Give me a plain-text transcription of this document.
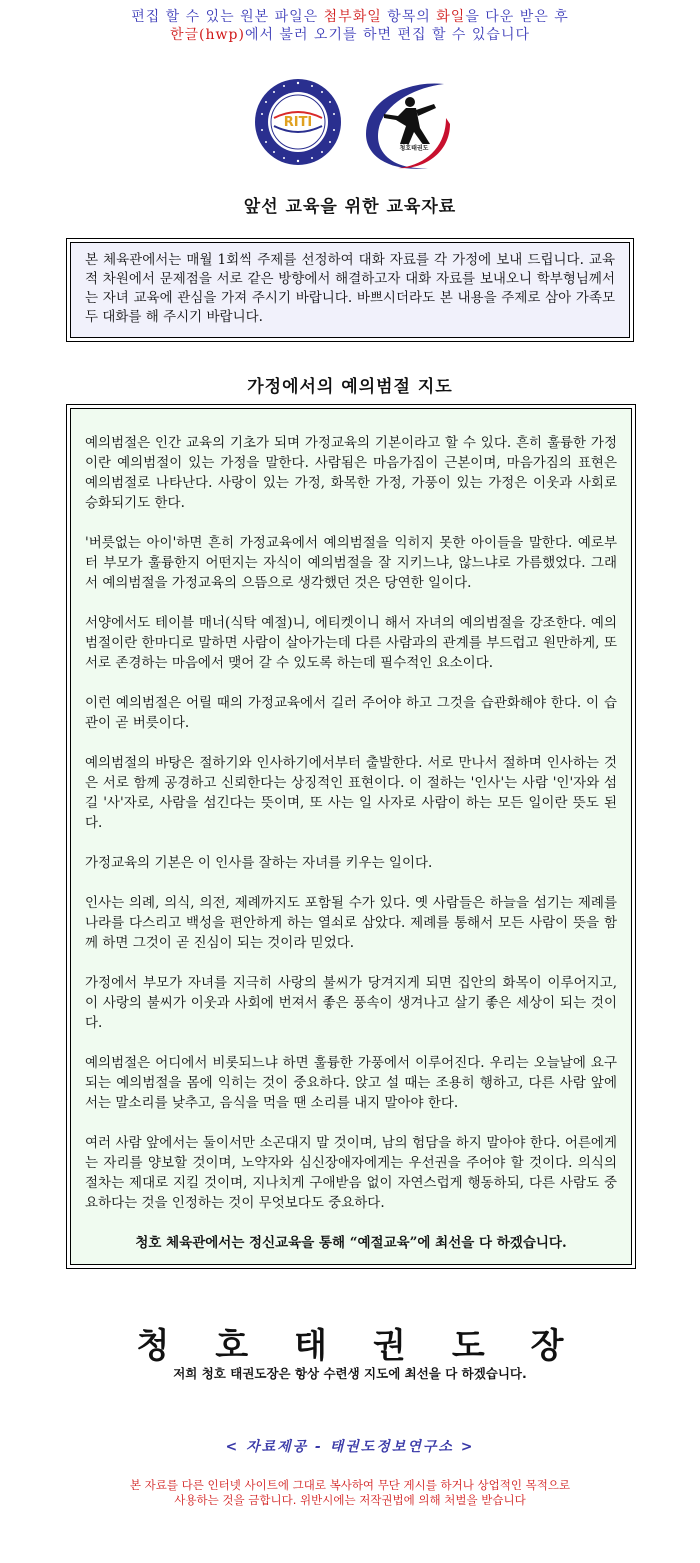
편집 할 수 있는 원본 파일은 첨부화일 항목의 화일을 다운 받은 후
한글(hwp)에서 불러 오기를 하면 편집 할 수 있습니다
RITI
청호태권도
앞선 교육을 위한 교육자료
본 체육관에서는 매월 1회씩 주제를 선정하여 대화 자료를 각 가정에 보내 드립니다. 교육적 차원에서 문제점을 서로 같은 방향에서 해결하고자 대화 자료를 보내오니 학부형님께서는 자녀 교육에 관심을 가져 주시기 바랍니다. 바쁘시더라도 본 내용을 주제로 삼아 가족모두 대화를 해 주시기 바랍니다.
가정에서의 예의범절 지도

예의범절은 인간 교육의 기초가 되며 가정교육의 기본이라고 할 수 있다. 흔히 훌륭한 가정이란 예의범절이 있는 가정을 말한다. 사람됨은 마음가짐이 근본이며, 마음가짐의 표현은 예의범절로 나타난다. 사랑이 있는 가정, 화목한 가정, 가풍이 있는 가정은 이웃과 사회로 승화되기도 한다.

'버릇없는 아이'하면 흔히 가정교육에서 예의범절을 익히지 못한 아이들을 말한다. 예로부터 부모가 훌륭한지 어떤지는 자식이 예의범절을 잘 지키느냐, 않느냐로 가름했었다. 그래서 예의범절을 가정교육의 으뜸으로 생각했던 것은 당연한 일이다.

서양에서도 테이블 매너(식탁 예절)니, 에티켓이니 해서 자녀의 예의범절을 강조한다. 예의범절이란 한마디로 말하면 사람이 살아가는데 다른 사람과의 관계를 부드럽고 원만하게, 또 서로 존경하는 마음에서 맺어 갈 수 있도록 하는데 필수적인 요소이다.

이런 예의범절은 어릴 때의 가정교육에서 길러 주어야 하고 그것을 습관화해야 한다. 이 습관이 곧 버릇이다.

예의범절의 바탕은 절하기와 인사하기에서부터 출발한다. 서로 만나서 절하며 인사하는 것은 서로 함께 공경하고 신뢰한다는 상징적인 표현이다. 이 절하는 '인사'는 사람 '인'자와 섬길 '사'자로, 사람을 섬긴다는 뜻이며, 또 사는 일 사자로 사람이 하는 모든 일이란 뜻도 된다.

가정교육의 기본은 이 인사를 잘하는 자녀를 키우는 일이다.

인사는 의례, 의식, 의전, 제례까지도 포함될 수가 있다. 옛 사람들은 하늘을 섬기는 제례를 나라를 다스리고 백성을 편안하게 하는 열쇠로 삼았다. 제례를 통해서 모든 사람이 뜻을 함께 하면 그것이 곧 진심이 되는 것이라 믿었다.

가정에서 부모가 자녀를 지극히 사랑의 불씨가 당겨지게 되면 집안의 화목이 이루어지고, 이 사랑의 불씨가 이웃과 사회에 번져서 좋은 풍속이 생겨나고 살기 좋은 세상이 되는 것이다.

예의범절은 어디에서 비롯되느냐 하면 훌륭한 가풍에서 이루어진다. 우리는 오늘날에 요구되는 예의범절을 몸에 익히는 것이 중요하다. 앉고 설 때는 조용히 행하고, 다른 사람 앞에서는 말소리를 낮추고, 음식을 먹을 땐 소리를 내지 말아야 한다.

여러 사람 앞에서는 둘이서만 소곤대지 말 것이며, 남의 험담을 하지 말아야 한다. 어른에게는 자리를 양보할 것이며, 노약자와 심신장애자에게는 우선권을 주어야 할 것이다. 의식의 절차는 제대로 지킬 것이며, 지나치게 구애받음 없이 자연스럽게 행동하되, 다른 사람도 중요하다는 것을 인정하는 것이 무엇보다도 중요하다.

청호 체육관에서는 정신교육을 통해 “예절교육”에 최선을 다 하겠습니다.

청호태권도장
저희 청호 태권도장은 항상 수련생 지도에 최선을 다 하겠습니다.
< 자료제공 - 태권도정보연구소 >
본 자료를 다른 인터넷 사이트에 그대로 복사하여 무단 게시를 하거나 상업적인 목적으로
사용하는 것을 금합니다. 위반시에는 저작권법에 의해 처벌을 받습니다
